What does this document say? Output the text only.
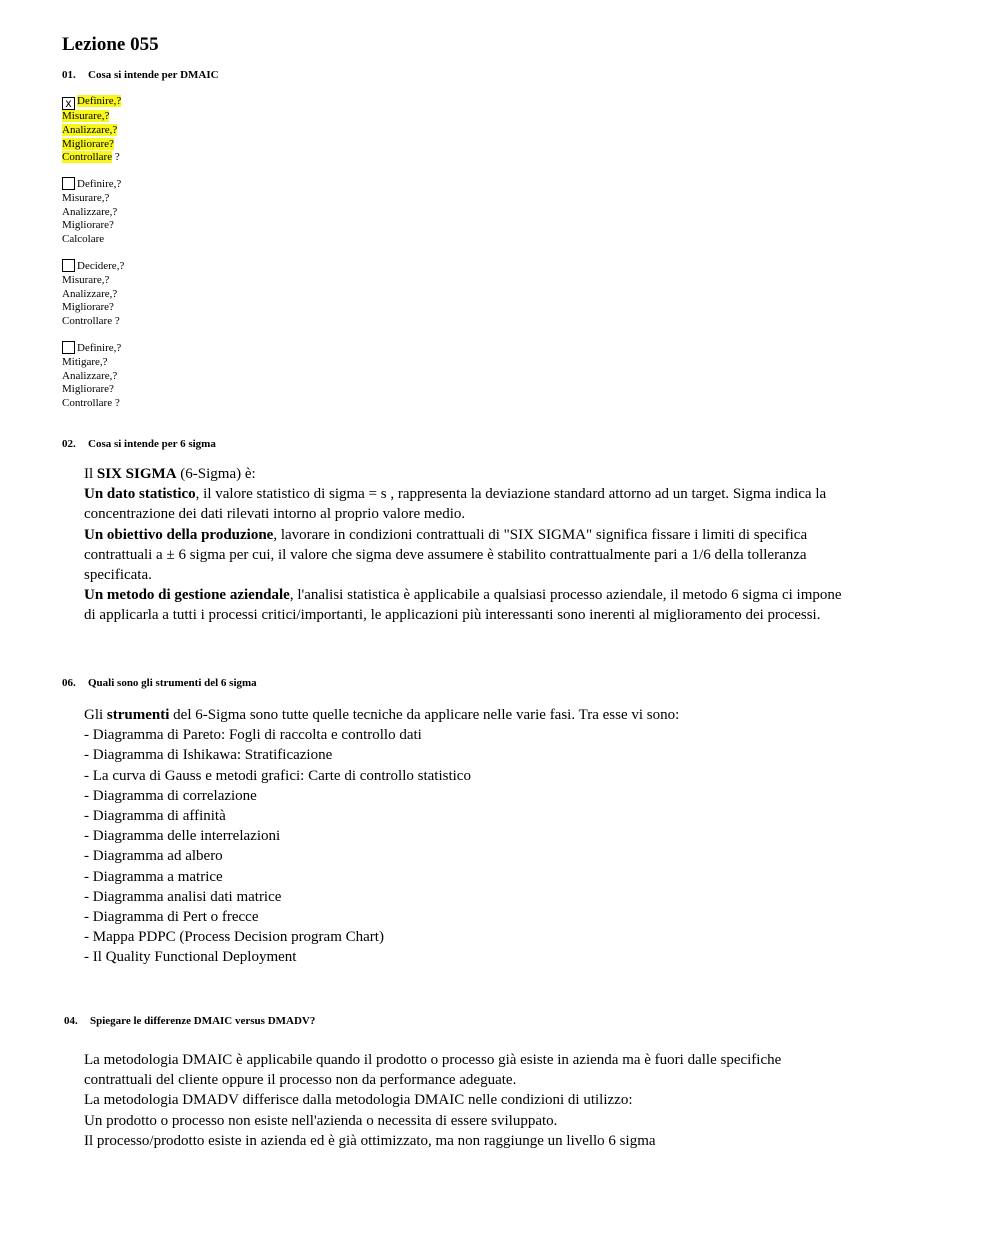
Lezione 055
01. Cosa si intende per DMAIC
x Definire,?
Misurare,?
Analizzare,?
Migliorare?
Controllare ?
Definire,?
Misurare,?
Analizzare,?
Migliorare?
Calcolare
Decidere,?
Misurare,?
Analizzare,?
Migliorare?
Controllare ?
Definire,?
Mitigare,?
Analizzare,?
Migliorare?
Controllare ?
02. Cosa si intende per 6 sigma
Il SIX SIGMA (6-Sigma) è:
Un dato statistico, il valore statistico di sigma = s , rappresenta la deviazione standard attorno ad un target. Sigma indica la
concentrazione dei dati rilevati intorno al proprio valore medio.
Un obiettivo della produzione, lavorare in condizioni contrattuali di "SIX SIGMA" significa fissare i limiti di specifica
contrattuali a ± 6 sigma per cui, il valore che sigma deve assumere è stabilito contrattualmente pari a 1/6 della tolleranza
specificata.
Un metodo di gestione aziendale, l'analisi statistica è applicabile a qualsiasi processo aziendale, il metodo 6 sigma ci impone
di applicarla a tutti i processi critici/importanti, le applicazioni più interessanti sono inerenti al miglioramento dei processi.
06. Quali sono gli strumenti del 6 sigma
Gli strumenti del 6-Sigma sono tutte quelle tecniche da applicare nelle varie fasi. Tra esse vi sono:
- Diagramma di Pareto: Fogli di raccolta e controllo dati
- Diagramma di Ishikawa: Stratificazione
- La curva di Gauss e metodi grafici: Carte di controllo statistico
- Diagramma di correlazione
- Diagramma di affinità
- Diagramma delle interrelazioni
- Diagramma ad albero
- Diagramma a matrice
- Diagramma analisi dati matrice
- Diagramma di Pert o frecce
- Mappa PDPC (Process Decision program Chart)
- Il Quality Functional Deployment
04. Spiegare le differenze DMAIC versus DMADV?
La metodologia DMAIC è applicabile quando il prodotto o processo già esiste in azienda ma è fuori dalle specifiche
contrattuali del cliente oppure il processo non da performance adeguate.
La metodologia DMADV differisce dalla metodologia DMAIC nelle condizioni di utilizzo:
Un prodotto o processo non esiste nell'azienda o necessita di essere sviluppato.
Il processo/prodotto esiste in azienda ed è già ottimizzato, ma non raggiunge un livello 6 sigma
